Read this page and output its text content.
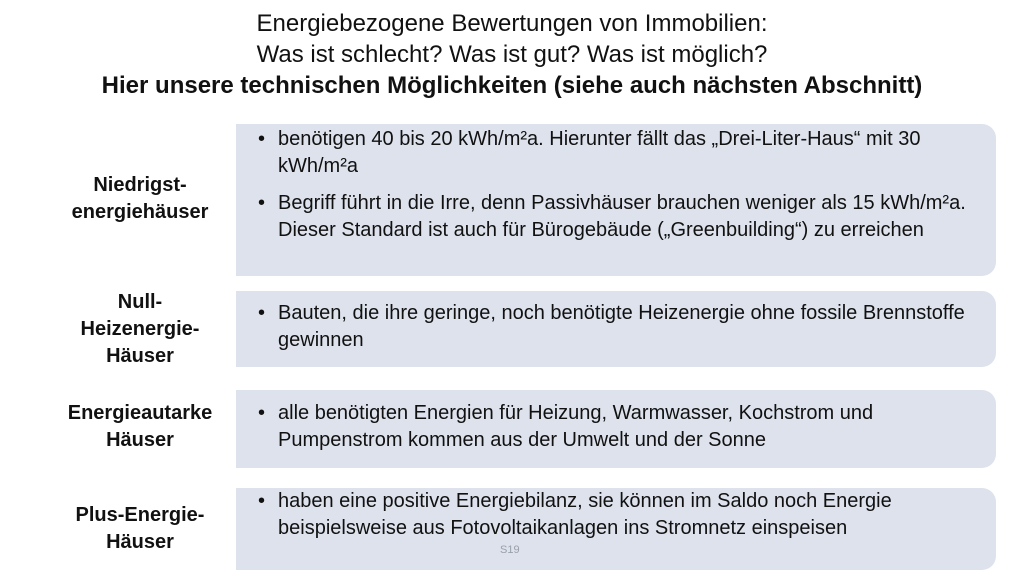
Energiebezogene Bewertungen von Immobilien:
Was ist schlecht? Was ist gut? Was ist möglich?
Hier unsere technischen Möglichkeiten (siehe auch nächsten Abschnitt)
Niedrigst-
energiehäuser
• benötigen 40 bis 20 kWh/m²a. Hierunter fällt das „Drei-Liter-Haus“ mit 30 kWh/m²a
• Begriff führt in die Irre, denn Passivhäuser brauchen weniger als 15 kWh/m²a. Dieser Standard ist auch für Bürogebäude („Greenbuilding“) zu erreichen
Null-
Heizenergie-
Häuser
• Bauten, die ihre geringe, noch benötigte Heizenergie ohne fossile Brennstoffe gewinnen
Energieautarke
Häuser
• alle benötigten Energien für Heizung, Warmwasser, Kochstrom und Pumpenstrom kommen aus der Umwelt und der Sonne
Plus-Energie-
Häuser
• haben eine positive Energiebilanz, sie können im Saldo noch Energie beispielsweise aus Fotovoltaikanlagen ins Stromnetz einspeisen
S19
